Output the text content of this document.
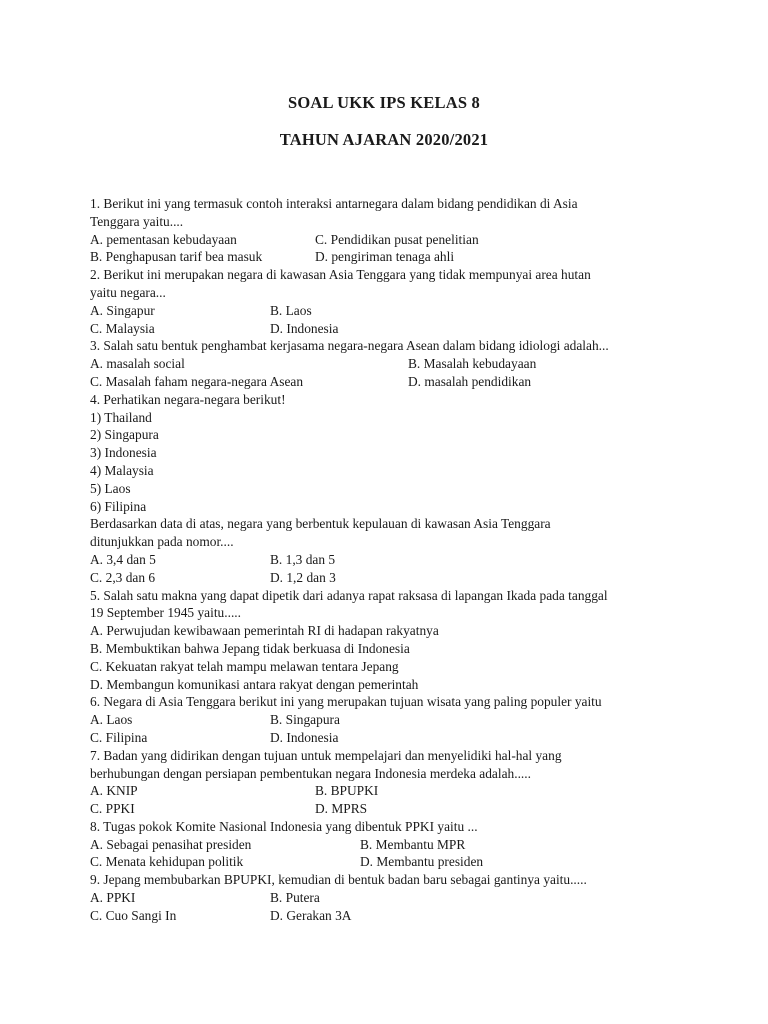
SOAL UKK IPS KELAS 8
TAHUN AJARAN 2020/2021
1. Berikut ini yang termasuk contoh interaksi antarnegara dalam bidang pendidikan di Asia
Tenggara yaitu....
A. pementasan kebudayaan	C. Pendidikan pusat penelitian
B. Penghapusan tarif bea masuk	D. pengiriman tenaga ahli
2. Berikut ini merupakan negara di kawasan Asia Tenggara yang tidak mempunyai area hutan
yaitu negara...
A. Singapur	B. Laos
C. Malaysia	D. Indonesia
3. Salah satu bentuk penghambat kerjasama negara-negara Asean dalam bidang idiologi adalah...
A. masalah social	B. Masalah kebudayaan
C. Masalah faham negara-negara Asean	D. masalah pendidikan
4. Perhatikan negara-negara berikut!
1) Thailand
2) Singapura
3) Indonesia
4) Malaysia
5) Laos
6) Filipina
Berdasarkan data di atas, negara yang berbentuk kepulauan di kawasan Asia Tenggara
ditunjukkan pada nomor....
A. 3,4 dan 5	B. 1,3 dan 5
C. 2,3 dan 6	D. 1,2 dan 3
5. Salah satu makna yang dapat dipetik dari adanya rapat raksasa di lapangan Ikada pada tanggal
19 September 1945 yaitu.....
A. Perwujudan kewibawaan pemerintah RI di hadapan rakyatnya
B. Membuktikan bahwa Jepang tidak berkuasa di Indonesia
C. Kekuatan rakyat telah mampu melawan tentara Jepang
D. Membangun komunikasi antara rakyat dengan pemerintah
6. Negara di Asia Tenggara berikut ini yang merupakan tujuan wisata yang paling populer yaitu
A. Laos	B. Singapura
C. Filipina	D. Indonesia
7. Badan yang didirikan dengan tujuan untuk mempelajari dan menyelidiki hal-hal yang
berhubungan dengan persiapan pembentukan negara Indonesia merdeka adalah.....
A. KNIP	B. BPUPKI
C. PPKI	D. MPRS
8. Tugas pokok Komite Nasional Indonesia yang dibentuk PPKI yaitu ...
A. Sebagai penasihat presiden	B. Membantu MPR
C. Menata kehidupan politik	D. Membantu presiden
9. Jepang membubarkan BPUPKI, kemudian di bentuk badan baru sebagai gantinya yaitu.....
A. PPKI	B. Putera
C. Cuo Sangi In	D. Gerakan 3A
